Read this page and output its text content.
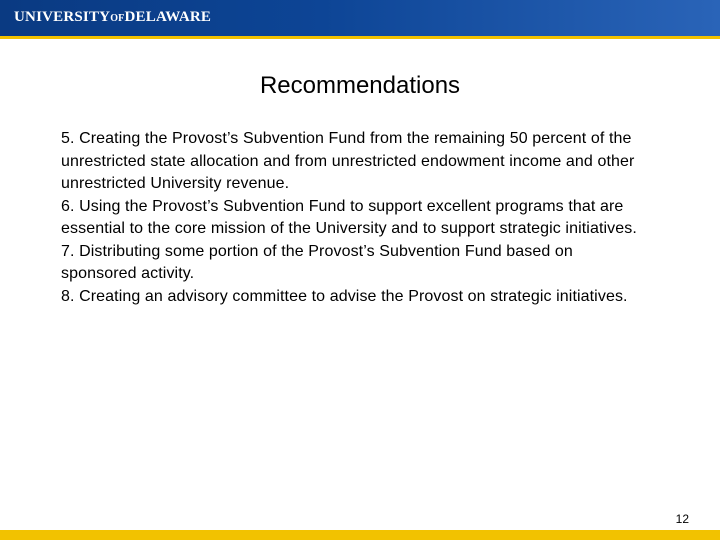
UNIVERSITYOFDELAWARE
Recommendations
5. Creating the Provost’s Subvention Fund from the remaining 50 percent of the unrestricted state allocation and from unrestricted endowment income and other unrestricted University revenue.
6. Using the Provost’s Subvention Fund to support excellent programs that are essential to the core mission of the University and to support strategic initiatives.
7. Distributing some portion of the Provost’s Subvention Fund based on sponsored activity.
8. Creating an advisory committee to advise the Provost on strategic initiatives.
12
